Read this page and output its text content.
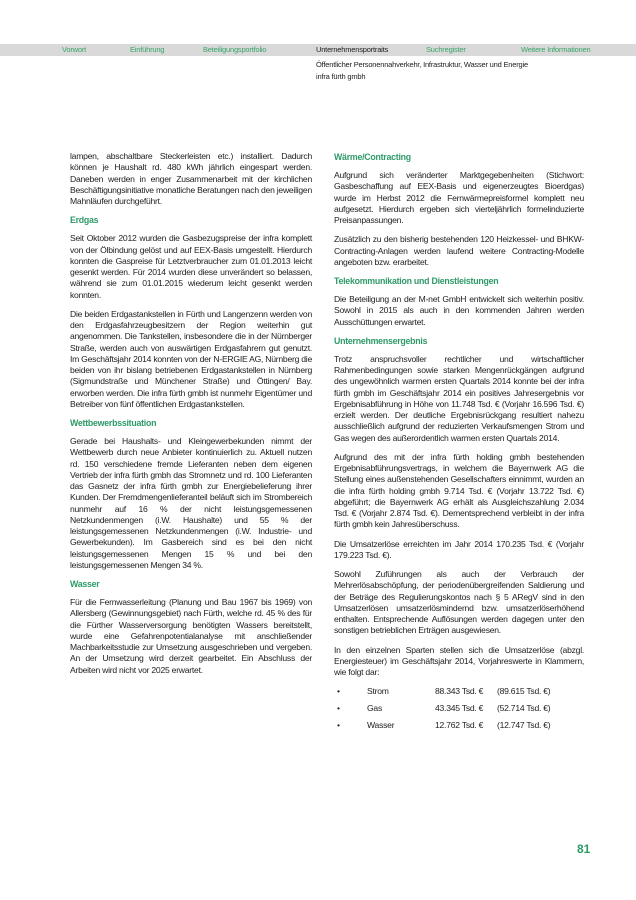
Vorwort	Einführung	Beteiligungsportfolio	Unternehmensportraits	Suchregister	Weitere Informationen
Öffentlicher Personennahverkehr, Infrastruktur, Wasser und Energie
infra fürth gmbh

lampen, abschaltbare Steckerleisten etc.) installiert. Dadurch können je Haushalt rd. 480 kWh jährlich eingespart werden. Daneben werden in enger Zusammenarbeit mit der kirchlichen Beschäftigungsinitiative monatliche Beratungen nach den jeweiligen Mahnläufen durchgeführt.

Erdgas

Seit Oktober 2012 wurden die Gasbezugspreise der infra komplett von der Ölbindung gelöst und auf EEX-Basis umgestellt. Hierdurch konnten die Gaspreise für Letztverbraucher zum 01.01.2013 leicht gesenkt werden. Für 2014 wurden diese unverändert so belassen, während sie zum 01.01.2015 wiederum leicht gesenkt werden konnten.

Die beiden Erdgastankstellen in Fürth und Langenzenn werden von den Erdgasfahrzeugbesitzern der Region weiterhin gut angenommen. Die Tankstellen, insbesondere die in der Nürnberger Straße, werden auch von auswärtigen Erdgasfahrern gut genutzt. Im Geschäftsjahr 2014 konnten von der N-ERGIE AG, Nürnberg die beiden von ihr bislang betriebenen Erdgastankstellen in Nürnberg (Sigmundstraße und Münchener Straße) und Öttingen/ Bay. erworben werden. Die infra fürth gmbh ist nunmehr Eigentümer und Betreiber von fünf öffentlichen Erdgastankstellen.

Wettbewerbssituation

Gerade bei Haushalts- und Kleingewerbekunden nimmt der Wettbewerb durch neue Anbieter kontinuierlich zu. Aktuell nutzen rd. 150 verschiedene fremde Lieferanten neben dem eigenen Vertrieb der infra fürth gmbh das Stromnetz und rd. 100 Lieferanten das Gasnetz der infra fürth gmbh zur Energiebelieferung ihrer Kunden. Der Fremdmengenlieferanteil beläuft sich im Strombereich nunmehr auf 16 % der nicht leistungsgemessenen Netzkundenmengen (i.W. Haushalte) und 55 % der leistungsgemessenen Netzkundenmengen (i.W. Industrie- und Gewerbekunden). Im Gasbereich sind es bei den nicht leistungsgemessenen Mengen 15 % und bei den leistungsgemessenen Mengen 34 %.

Wasser

Für die Fernwasserleitung (Planung und Bau 1967 bis 1969) von Allersberg (Gewinnungsgebiet) nach Fürth, welche rd. 45 % des für die Fürther Wasserversorgung benötigten Wassers bereitstellt, wurde eine Gefahrenpotentialanalyse mit anschließender Machbarkeitsstudie zur Umsetzung ausgeschrieben und vergeben. An der Umsetzung wird derzeit gearbeitet. Ein Abschluss der Arbeiten wird nicht vor 2025 erwartet.

Wärme/Contracting

Aufgrund sich veränderter Marktgegebenheiten (Stichwort: Gasbeschaffung auf EEX-Basis und eigenerzeugtes Bioerdgas) wurde im Herbst 2012 die Fernwärmepreisformel komplett neu aufgesetzt. Hierdurch ergeben sich vierteljährlich formelinduzierte Preisanpassungen.

Zusätzlich zu den bisherig bestehenden 120 Heizkessel- und BHKW-Contracting-Anlagen werden laufend weitere Contracting-Modelle angeboten bzw. erarbeitet.

Telekommunikation und Dienstleistungen

Die Beteiligung an der M-net GmbH entwickelt sich weiterhin positiv. Sowohl in 2015 als auch in den kommenden Jahren werden Ausschüttungen erwartet.

Unternehmensergebnis

Trotz anspruchsvoller rechtlicher und wirtschaftlicher Rahmenbedingungen sowie starken Mengenrückgängen aufgrund des ungewöhnlich warmen ersten Quartals 2014 konnte bei der infra fürth gmbh im Geschäftsjahr 2014 ein positives Jahresergebnis vor Ergebnisabführung in Höhe von 11.748 Tsd. € (Vorjahr 16.596 Tsd. €) erzielt werden. Der deutliche Ergebnisrückgang resultiert nahezu ausschließlich aufgrund der reduzierten Verkaufsmengen Strom und Gas wegen des außerordentlich warmen ersten Quartals 2014.

Aufgrund des mit der infra fürth holding gmbh bestehenden Ergebnisabführungsvertrags, in welchem die Bayernwerk AG die Stellung eines außenstehenden Gesellschafters einnimmt, wurden an die infra fürth holding gmbh 9.714 Tsd. € (Vorjahr 13.722 Tsd. €) abgeführt; die Bayernwerk AG erhält als Ausgleichszahlung 2.034 Tsd. € (Vorjahr 2.874 Tsd. €). Dementsprechend verbleibt in der infra fürth gmbh kein Jahresüberschuss.

Die Umsatzerlöse erreichten im Jahr 2014 170.235 Tsd. € (Vorjahr 179.223 Tsd. €).

Sowohl Zuführungen als auch der Verbrauch der Mehrerlösabschöpfung, der periodenübergreifenden Saldierung und der Beträge des Regulierungskontos nach § 5 ARegV sind in den Umsatzerlösen umsatzerlösmindernd bzw. umsatzerlöserhöhend enthalten. Entsprechende Auflösungen werden dagegen unter den sonstigen betrieblichen Erträgen ausgewiesen.

In den einzelnen Sparten stellen sich die Umsatzerlöse (abzgl. Energiesteuer) im Geschäftsjahr 2014, Vorjahreswerte in Klammern, wie folgt dar:

•	Strom	88.343 Tsd. €	(89.615 Tsd. €)
•	Gas	43.345 Tsd. €	(52.714 Tsd. €)
•	Wasser	12.762 Tsd. €	(12.747 Tsd. €)
81
